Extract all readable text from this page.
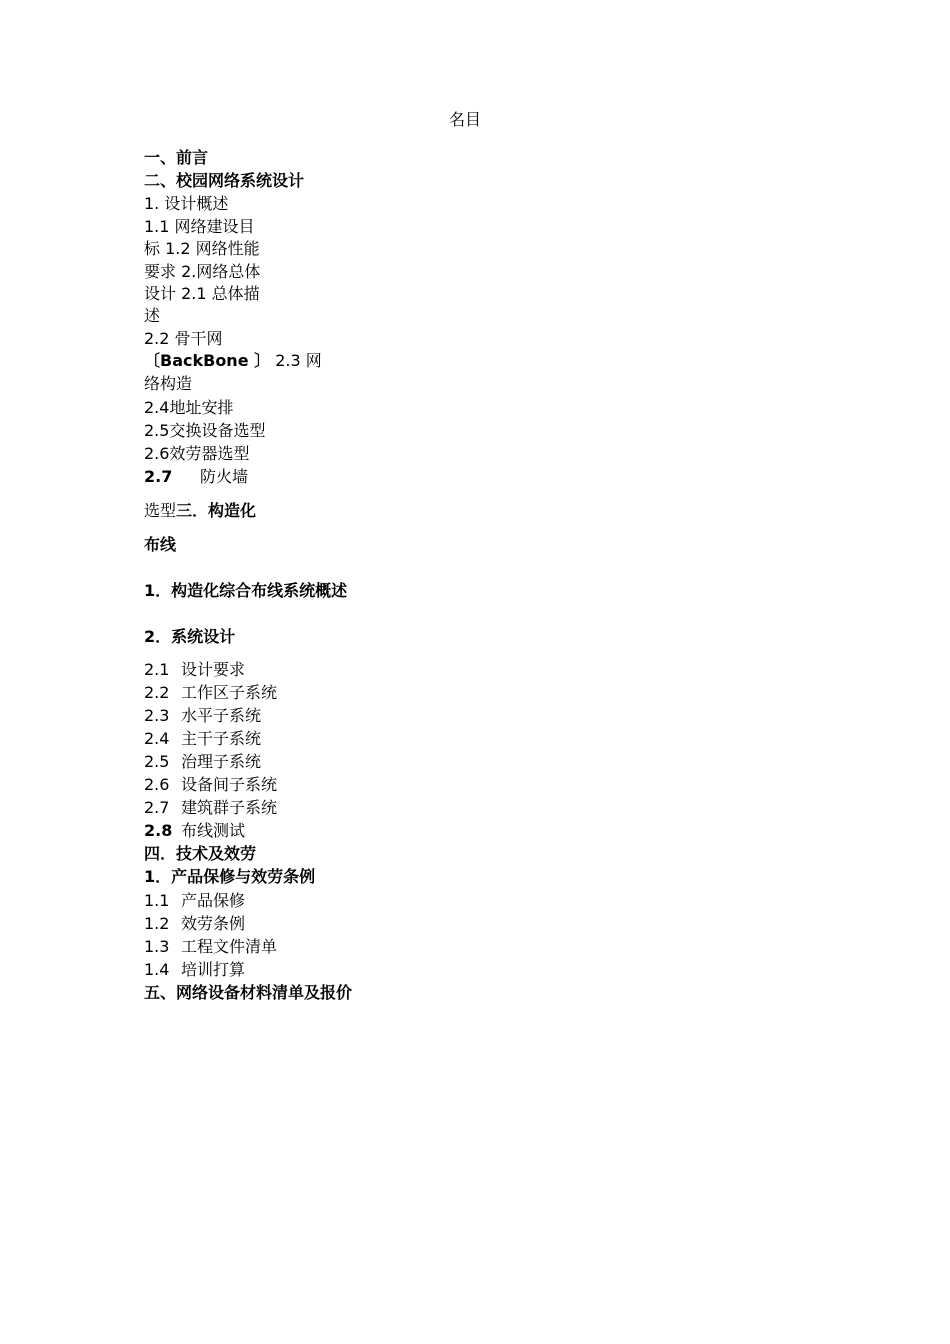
名目
一、前言
二、校园网络系统设计
1. 设计概述
1.1 网络建设目
标 1.2 网络性能
要求 2.网络总体
设计 2.1 总体描
述
2.2 骨干网
〔BackBone 〕 2.3 网
络构造
2.4地址安排
2.5交换设备选型
2.6效劳器选型
2.7 防火墙
选型三．构造化
布线
1．构造化综合布线系统概述
2．系统设计
2.1 设计要求
2.2 工作区子系统
2.3 水平子系统
2.4 主干子系统
2.5 治理子系统
2.6 设备间子系统
2.7 建筑群子系统
2.8 布线测试
四．技术及效劳
1．产品保修与效劳条例
1.1 产品保修
1.2 效劳条例
1.3 工程文件清单
1.4 培训打算
五、网络设备材料清单及报价
